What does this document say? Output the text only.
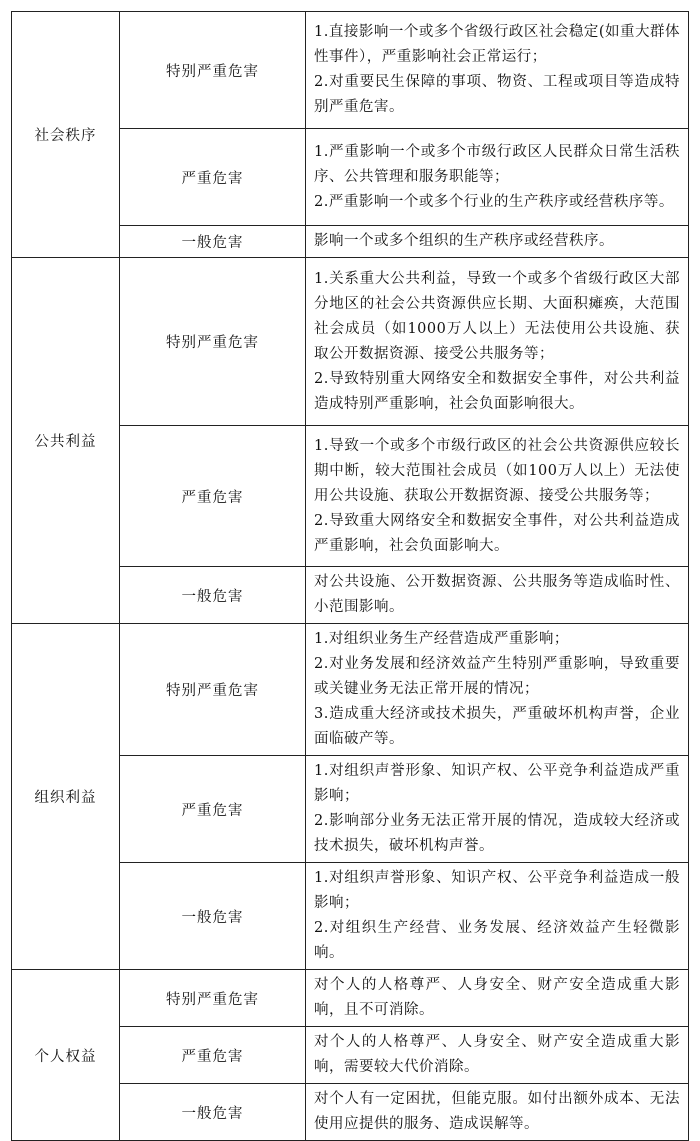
社会秩序	特别严重危害	1.直接影响一个或多个省级行政区社会稳定(如重大群体性事件），严重影响社会正常运行；
2.对重要民生保障的事项、物资、工程或项目等造成特别严重危害。

	严重危害	1.严重影响一个或多个市级行政区人民群众日常生活秩序、公共管理和服务职能等；
2.严重影响一个或多个行业的生产秩序或经营秩序等。

	一般危害	影响一个或多个组织的生产秩序或经营秩序。

公共利益	特别严重危害	1.关系重大公共利益，导致一个或多个省级行政区大部分地区的社会公共资源供应长期、大面积瘫痪，大范围社会成员（如1000万人以上）无法使用公共设施、获取公开数据资源、接受公共服务等；
2.导致特别重大网络安全和数据安全事件，对公共利益造成特别严重影响，社会负面影响很大。

	严重危害	1.导致一个或多个市级行政区的社会公共资源供应较长期中断，较大范围社会成员（如100万人以上）无法使用公共设施、获取公开数据资源、接受公共服务等；
2.导致重大网络安全和数据安全事件，对公共利益造成严重影响，社会负面影响大。

	一般危害	对公共设施、公开数据资源、公共服务等造成临时性、小范围影响。

组织利益	特别严重危害	1.对组织业务生产经营造成严重影响；
2.对业务发展和经济效益产生特别严重影响，导致重要或关键业务无法正常开展的情况；
3.造成重大经济或技术损失，严重破坏机构声誉，企业面临破产等。

	严重危害	1.对组织声誉形象、知识产权、公平竞争利益造成严重影响；
2.影响部分业务无法正常开展的情况，造成较大经济或技术损失，破坏机构声誉。

	一般危害	1.对组织声誉形象、知识产权、公平竞争利益造成一般影响；
2.对组织生产经营、业务发展、经济效益产生轻微影响。

个人权益	特别严重危害	对个人的人格尊严、人身安全、财产安全造成重大影响，且不可消除。

	严重危害	对个人的人格尊严、人身安全、财产安全造成重大影响，需要较大代价消除。

	一般危害	对个人有一定困扰，但能克服。如付出额外成本、无法使用应提供的服务、造成误解等。
